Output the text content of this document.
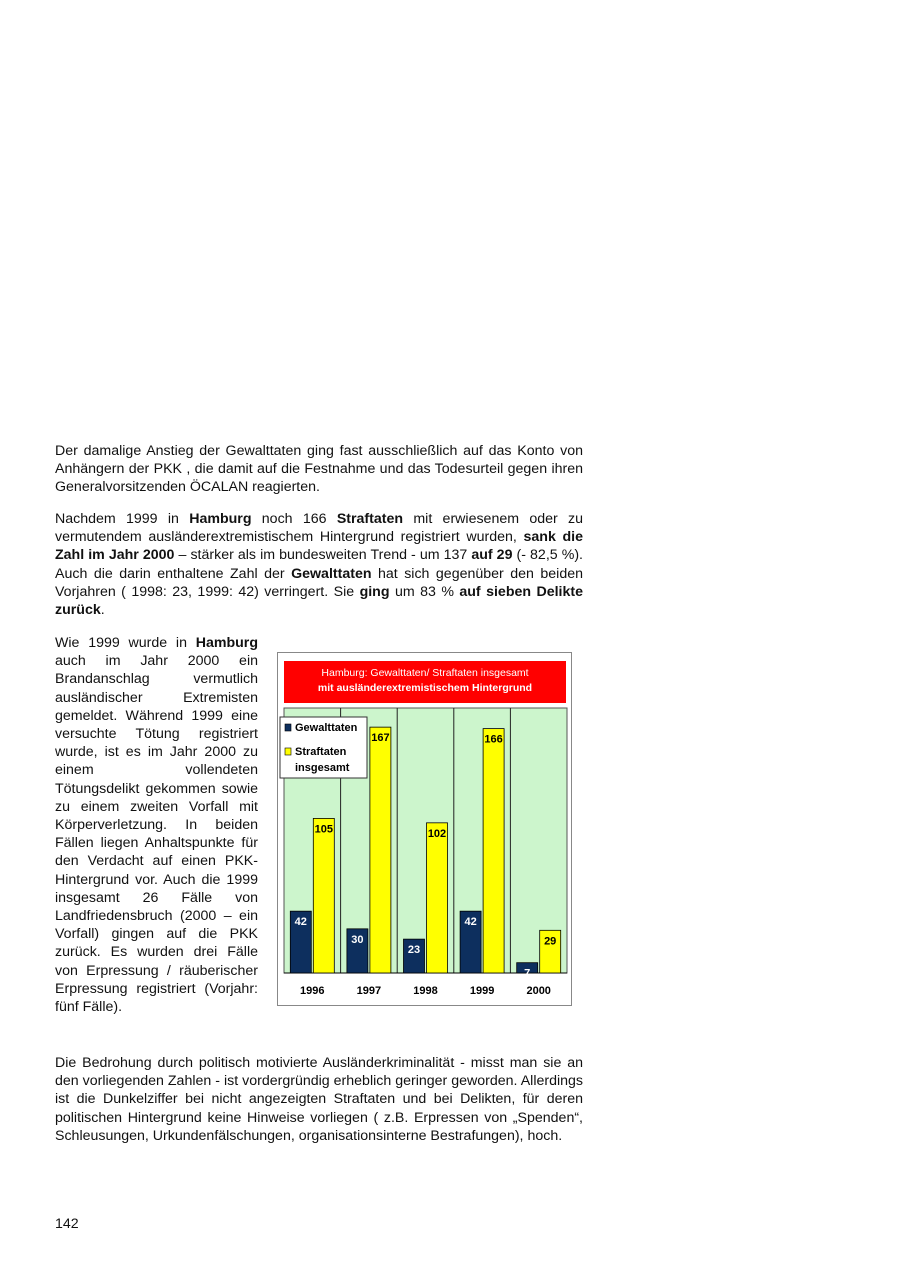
Der damalige Anstieg der Gewalttaten ging fast ausschließlich auf das Konto von Anhängern der PKK , die damit auf die Festnahme und das Todesurteil gegen ihren Generalvorsitzenden ÖCALAN reagierten.

Nachdem 1999 in Hamburg noch 166 Straftaten mit erwiesenem oder zu vermutendem ausländerextremistischem Hintergrund registriert wurden, sank die Zahl im Jahr 2000 – stärker als im bundesweiten Trend - um 137 auf 29 (- 82,5 %). Auch die darin enthaltene Zahl der Gewalttaten hat sich gegenüber den beiden Vorjahren ( 1998: 23, 1999: 42) verringert. Sie ging um 83 % auf sieben Delikte zurück.

Wie 1999 wurde in Hamburg auch im Jahr 2000 ein Brandanschlag vermutlich ausländischer Extremisten gemeldet. Während 1999 eine versuchte Tötung registriert wurde, ist es im Jahr 2000 zu einem vollendeten Tötungsdelikt gekommen sowie zu einem zweiten Vorfall mit Körperverletzung. In beiden Fällen liegen Anhaltspunkte für den Verdacht auf einen PKK-Hintergrund vor. Auch die 1999 insgesamt 26 Fälle von Landfriedensbruch (2000 – ein Vorfall) gingen auf die PKK zurück. Es wurden drei Fälle von Erpressung / räuberischer Erpressung registriert (Vorjahr: fünf Fälle).

42
105
1996
30
167
1997
23
102
1998
42
166
1999
7
29
2000
Gewalttaten
Straftaten
insgesamt
Hamburg: Gewalttaten/ Straftaten insgesamt
mit ausländerextremistischem Hintergrund

Die Bedrohung durch politisch motivierte Ausländerkriminalität - misst man sie an den vorliegenden Zahlen - ist vordergründig erheblich geringer geworden. Allerdings ist die Dunkelziffer bei nicht angezeigten Straftaten und bei Delikten, für deren politischen Hintergrund keine Hinweise vorliegen ( z.B. Erpressen von „Spenden“, Schleusungen, Urkundenfälschungen, organisationsinterne Bestrafungen), hoch.

142
